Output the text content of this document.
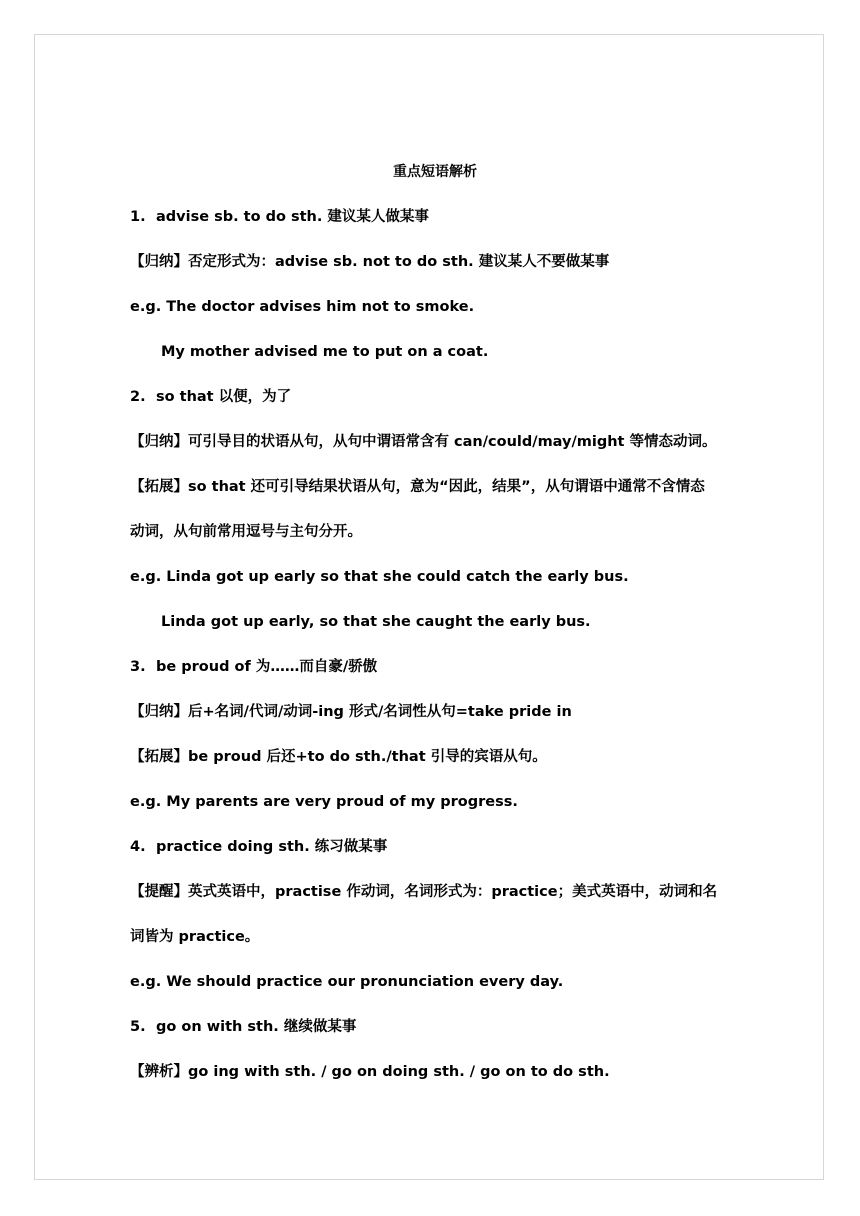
重点短语解析
1. advise sb. to do sth. 建议某人做某事
【归纳】否定形式为：advise sb. not to do sth. 建议某人不要做某事
e.g. The doctor advises him not to smoke.
My mother advised me to put on a coat.
2. so that 以便，为了
【归纳】可引导目的状语从句，从句中谓语常含有 can/could/may/might 等情态动词。
【拓展】so that 还可引导结果状语从句，意为“因此，结果”，从句谓语中通常不含情态
动词，从句前常用逗号与主句分开。
e.g. Linda got up early so that she could catch the early bus.
Linda got up early, so that she caught the early bus.
3. be proud of 为……而自豪/骄傲
【归纳】后+名词/代词/动词-ing 形式/名词性从句=take pride in
【拓展】be proud 后还+to do sth./that 引导的宾语从句。
e.g. My parents are very proud of my progress.
4. practice doing sth. 练习做某事
【提醒】英式英语中，practise 作动词，名词形式为：practice；美式英语中，动词和名
词皆为 practice。
e.g. We should practice our pronunciation every day.
5. go on with sth. 继续做某事
【辨析】go ing with sth. / go on doing sth. / go on to do sth.
